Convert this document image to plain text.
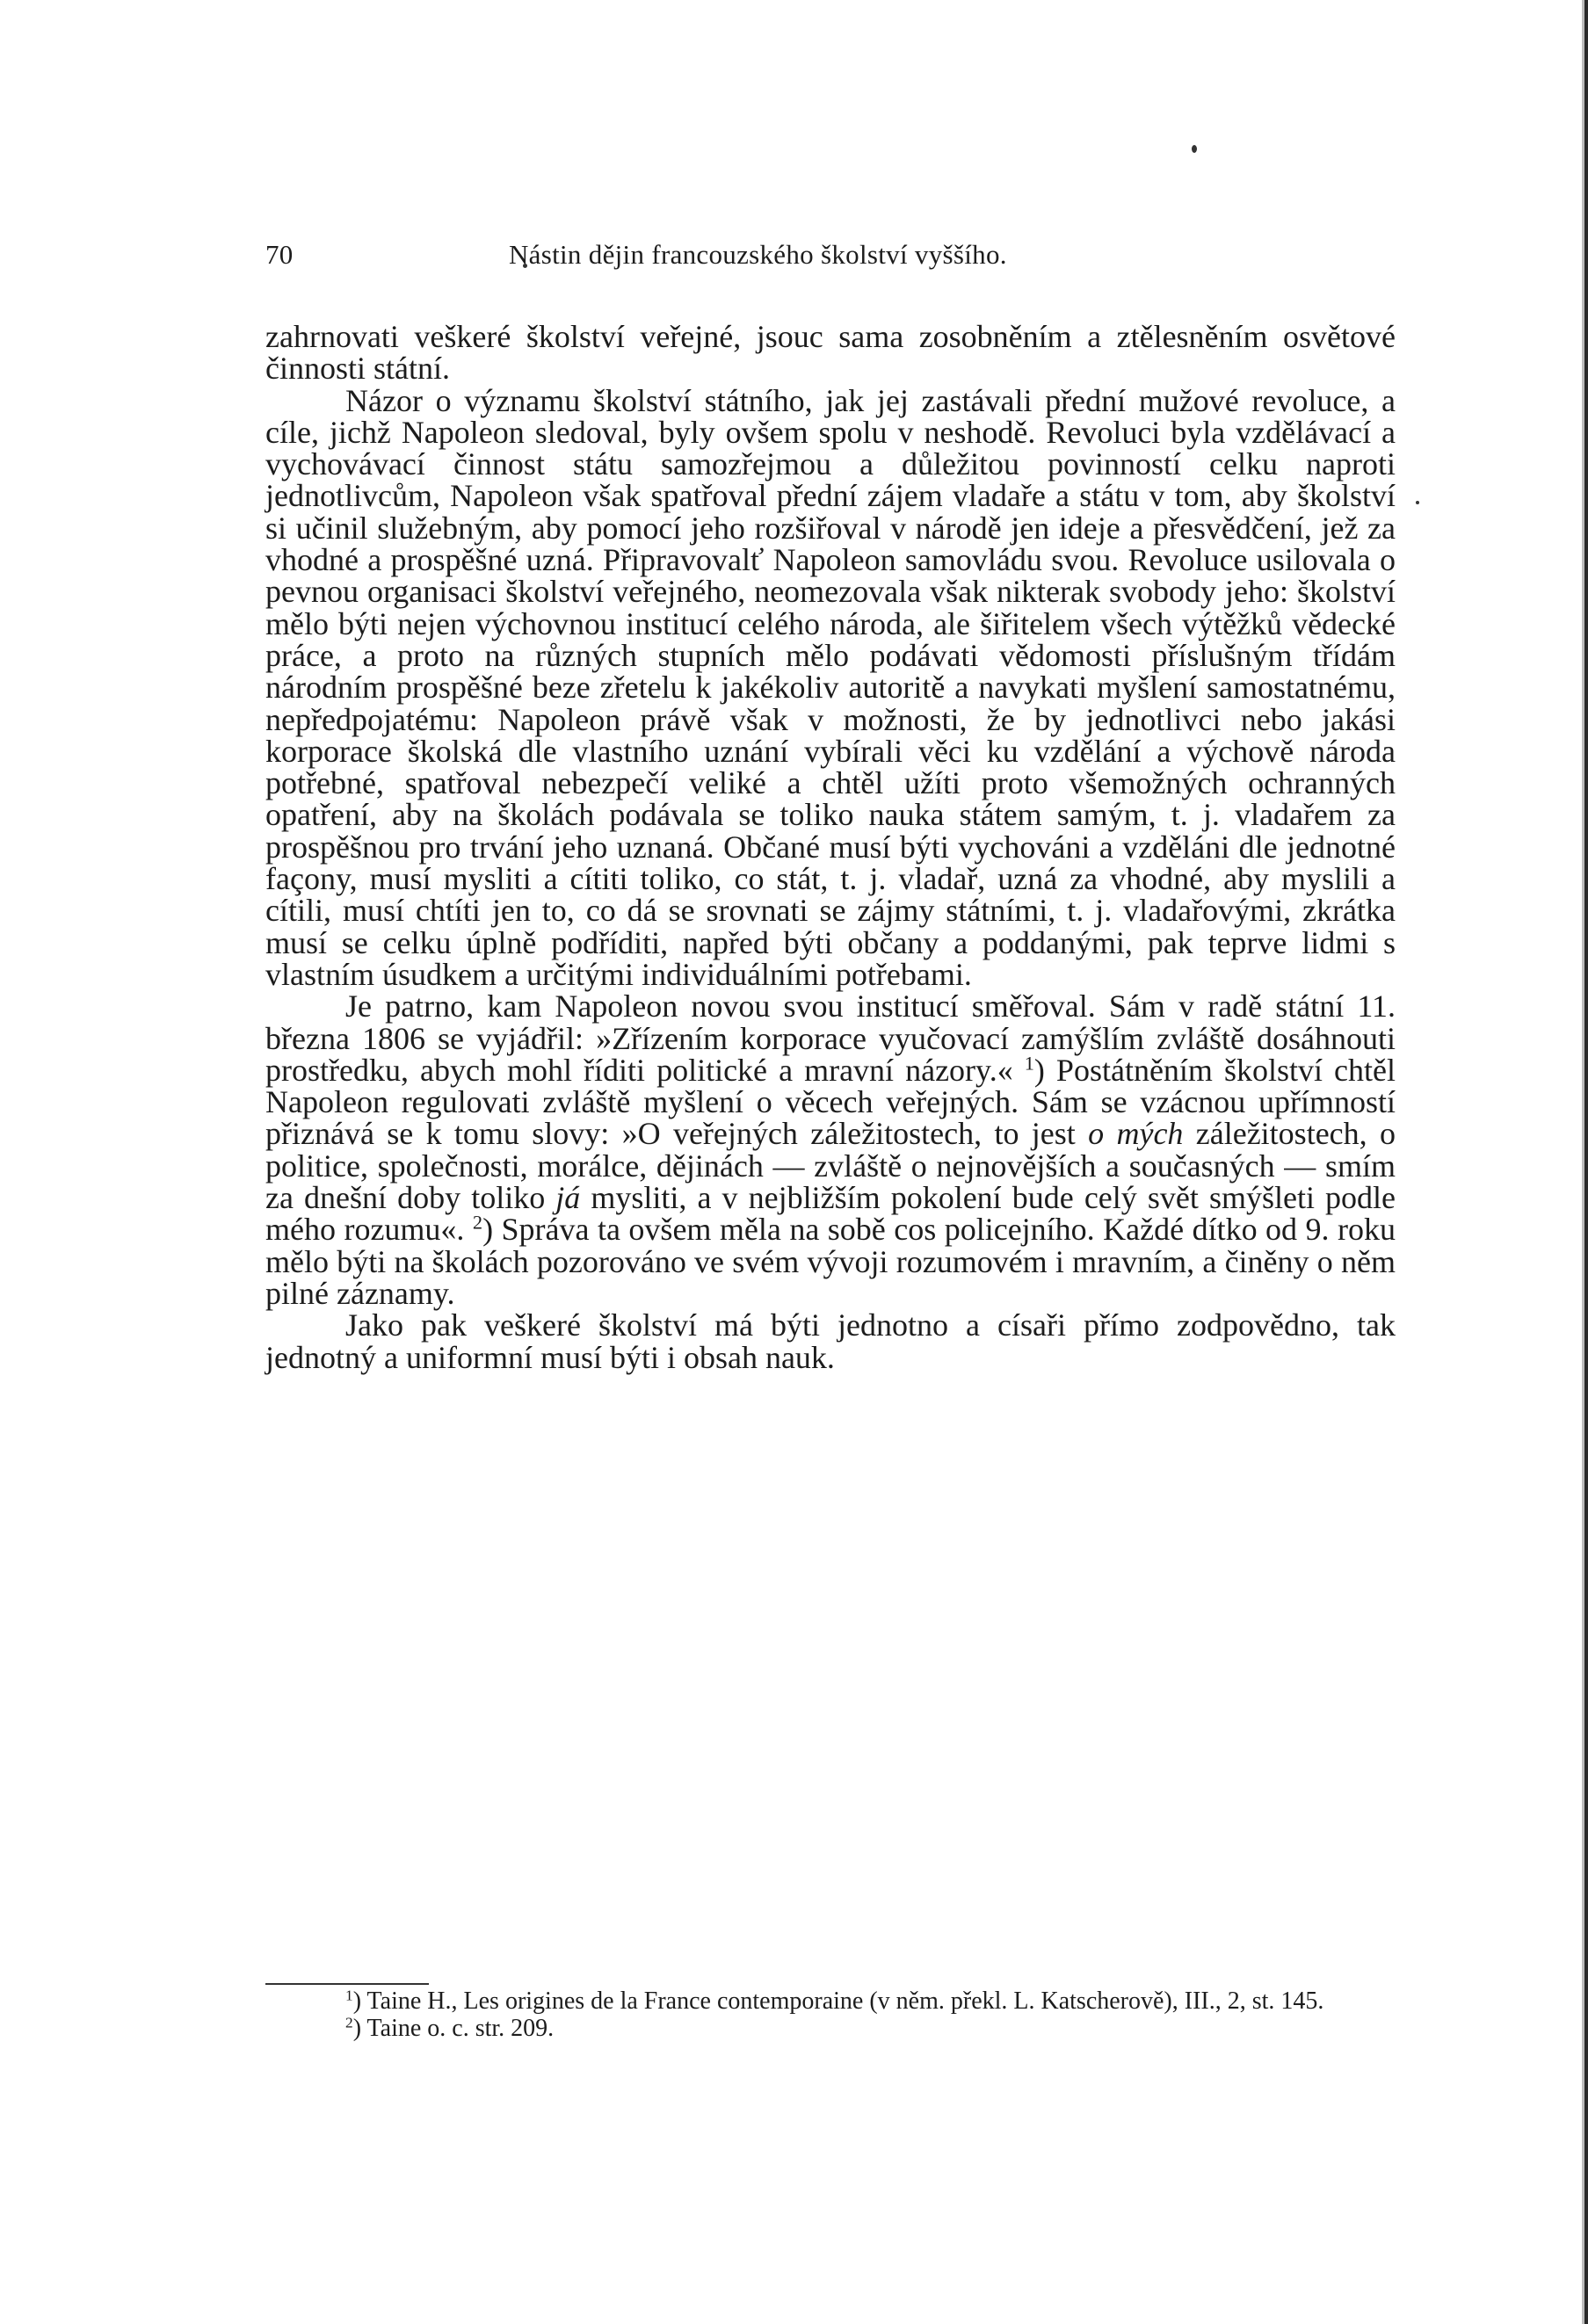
70	Nástin dějin francouzského školství vyššího.

zahrnovati veškeré školství veřejné, jsouc sama zosobněním a ztělesněním osvětové činnosti státní.

Názor o významu školství státního, jak jej zastávali přední mužové revoluce, a cíle, jichž Napoleon sledoval, byly ovšem spolu v neshodě. Revoluci byla vzdělávací a vychovávací činnost státu samozřejmou a důležitou povinností celku naproti jednotlivcům, Napoleon však spatřoval přední zájem vladaře a státu v tom, aby školství si učinil služebným, aby pomocí jeho rozšiřoval v národě jen ideje a přesvědčení, jež za vhodné a prospěšné uzná. Připravovalť Napoleon samovládu svou. Revoluce usilovala o pevnou organisaci školství veřejného, neomezovala však nikterak svobody jeho: školství mělo býti nejen výchovnou institucí celého národa, ale šiřitelem všech výtěžků vědecké práce, a proto na různých stupních mělo podávati vědomosti příslušným třídám národním prospěšné beze zřetelu k jakékoliv autoritě a navykati myšlení samostatnému, nepředpojatému: Napoleon právě však v možnosti, že by jednotlivci nebo jakási korporace školská dle vlastního uznání vybírali věci ku vzdělání a výchově národa potřebné, spatřoval nebezpečí veliké a chtěl užíti proto všemožných ochranných opatření, aby na školách podávala se toliko nauka státem samým, t. j. vladařem za prospěšnou pro trvání jeho uznaná. Občané musí býti vychováni a vzděláni dle jednotné façony, musí mysliti a cítiti toliko, co stát, t. j. vladař, uzná za vhodné, aby myslili a cítili, musí chtíti jen to, co dá se srovnati se zájmy státními, t. j. vladařovými, zkrátka musí se celku úplně podříditi, napřed býti občany a poddanými, pak teprve lidmi s vlastním úsudkem a určitými individuálními potřebami.

Je patrno, kam Napoleon novou svou institucí směřoval. Sám v radě státní 11. března 1806 se vyjádřil: »Zřízením korporace vyučovací zamýšlím zvláště dosáhnouti prostředku, abych mohl říditi politické a mravní názory.« $^1$) Postátněním školství chtěl Napoleon regulovati zvláště myšlení o věcech veřejných. Sám se vzácnou upřímností přiznává se k tomu slovy: »O veřejných záležitostech, to jest o mých záležitostech, o politice, společnosti, morálce, dějinách — zvláště o nejnovějších a současných — smím za dnešní doby toliko já mysliti, a v nejbližším pokolení bude celý svět smýšleti podle mého rozumu«. $^2$) Správa ta ovšem měla na sobě cos policejního. Každé dítko od 9. roku mělo býti na školách pozorováno ve svém vývoji rozumovém i mravním, a činěny o něm pilné záznamy.

Jako pak veškeré školství má býti jednotno a císaři přímo zodpovědno, tak jednotný a uniformní musí býti i obsah nauk.

$^1$) Taine H., Les origines de la France contemporaine (v něm. překl. L. Katscherově), III., 2, st. 145.

$^2$) Taine o. c. str. 209.
